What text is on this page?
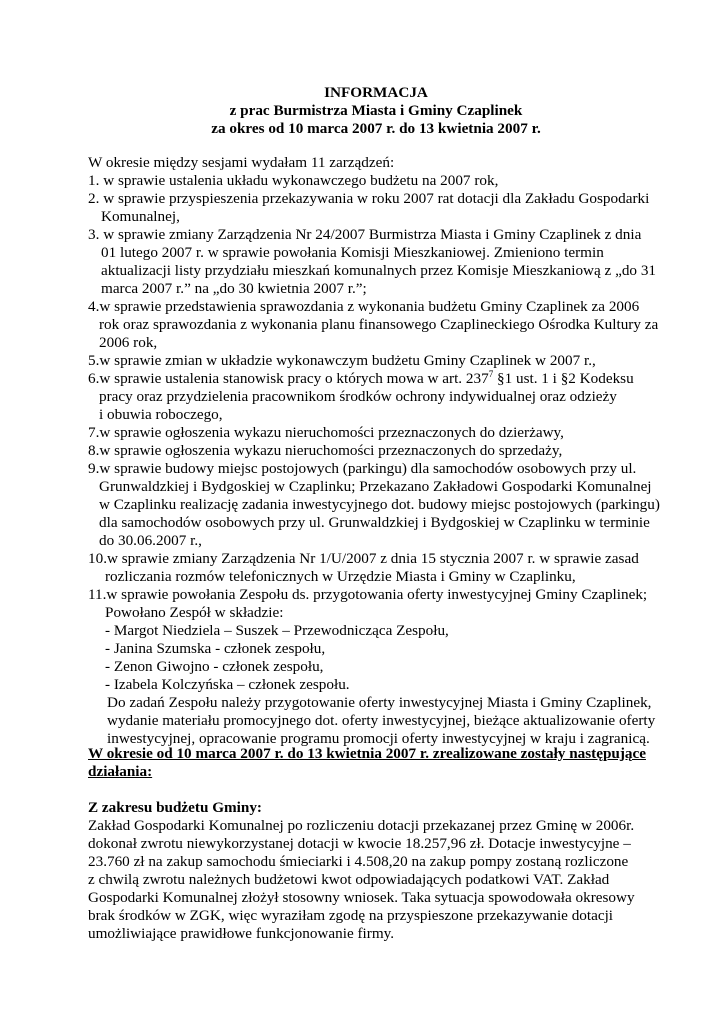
INFORMACJA
z prac Burmistrza Miasta i Gminy Czaplinek
za okres od 10 marca 2007 r. do 13 kwietnia 2007 r.
W okresie między sesjami wydałam 11 zarządzeń:
1. w sprawie ustalenia układu wykonawczego budżetu na 2007 rok,
2. w sprawie przyspieszenia przekazywania w roku 2007 rat dotacji dla Zakładu Gospodarki
Komunalnej,
3. w sprawie zmiany Zarządzenia Nr 24/2007 Burmistrza Miasta i Gminy Czaplinek z dnia
01 lutego 2007 r. w sprawie powołania Komisji Mieszkaniowej. Zmieniono termin
aktualizacji listy przydziału mieszkań komunalnych przez Komisje Mieszkaniową z „do 31
marca 2007 r.” na „do 30 kwietnia 2007 r.”;
4.w sprawie przedstawienia sprawozdania z wykonania budżetu Gminy Czaplinek za 2006
rok oraz sprawozdania z wykonania planu finansowego Czaplineckiego Ośrodka Kultury za
2006 rok,
5.w sprawie zmian w układzie wykonawczym budżetu Gminy Czaplinek w 2007 r.,
6.w sprawie ustalenia stanowisk pracy o których mowa w art. $237^7$ §1 ust. 1 i §2 Kodeksu
pracy oraz przydzielenia pracownikom środków ochrony indywidualnej oraz odzieży
i obuwia roboczego,
7.w sprawie ogłoszenia wykazu nieruchomości przeznaczonych do dzierżawy,
8.w sprawie ogłoszenia wykazu nieruchomości przeznaczonych do sprzedaży,
9.w sprawie budowy miejsc postojowych (parkingu) dla samochodów osobowych przy ul.
Grunwaldzkiej i Bydgoskiej w Czaplinku; Przekazano Zakładowi Gospodarki Komunalnej
w Czaplinku realizację zadania inwestycyjnego dot. budowy miejsc postojowych (parkingu)
dla samochodów osobowych przy ul. Grunwaldzkiej i Bydgoskiej w Czaplinku w terminie
do 30.06.2007 r.,
10.w sprawie zmiany Zarządzenia Nr 1/U/2007 z dnia 15 stycznia 2007 r. w sprawie zasad
rozliczania rozmów telefonicznych w Urzędzie Miasta i Gminy w Czaplinku,
11.w sprawie powołania Zespołu ds. przygotowania oferty inwestycyjnej Gminy Czaplinek;
Powołano Zespół w składzie:
- Margot Niedziela – Suszek – Przewodnicząca Zespołu,
- Janina Szumska - członek zespołu,
- Zenon Giwojno - członek zespołu,
- Izabela Kolczyńska – członek zespołu.
Do zadań Zespołu należy przygotowanie oferty inwestycyjnej Miasta i Gminy Czaplinek,
wydanie materiału promocyjnego dot. oferty inwestycyjnej, bieżące aktualizowanie oferty
inwestycyjnej, opracowanie programu promocji oferty inwestycyjnej w kraju i zagranicą.
W okresie od 10 marca 2007 r. do 13 kwietnia 2007 r. zrealizowane zostały następujące
działania:
Z zakresu budżetu Gminy:
Zakład Gospodarki Komunalnej po rozliczeniu dotacji przekazanej przez Gminę w 2006r.
dokonał zwrotu niewykorzystanej dotacji w kwocie 18.257,96 zł. Dotacje inwestycyjne –
23.760 zł na zakup samochodu śmieciarki i 4.508,20 na zakup pompy zostaną rozliczone
z chwilą zwrotu należnych budżetowi kwot odpowiadających podatkowi VAT. Zakład
Gospodarki Komunalnej złożył stosowny wniosek. Taka sytuacja spowodowała okresowy
brak środków w ZGK, więc wyraziłam zgodę na przyspieszone przekazywanie dotacji
umożliwiające prawidłowe funkcjonowanie firmy.
